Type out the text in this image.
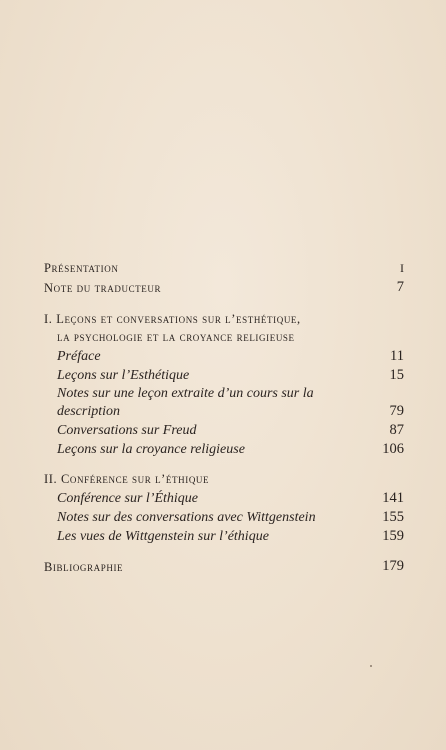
Présentation	I
Note du traducteur	7
I. Leçons et conversations sur l’esthétique,
la psychologie et la croyance religieuse
Préface	11
Leçons sur l’Esthétique	15
Notes sur une leçon extraite d’un cours sur la
description	79
Conversations sur Freud	87
Leçons sur la croyance religieuse	106
II. Conférence sur l’éthique
Conférence sur l’Éthique	141
Notes sur des conversations avec Wittgenstein	155
Les vues de Wittgenstein sur l’éthique	159
Bibliographie	179
